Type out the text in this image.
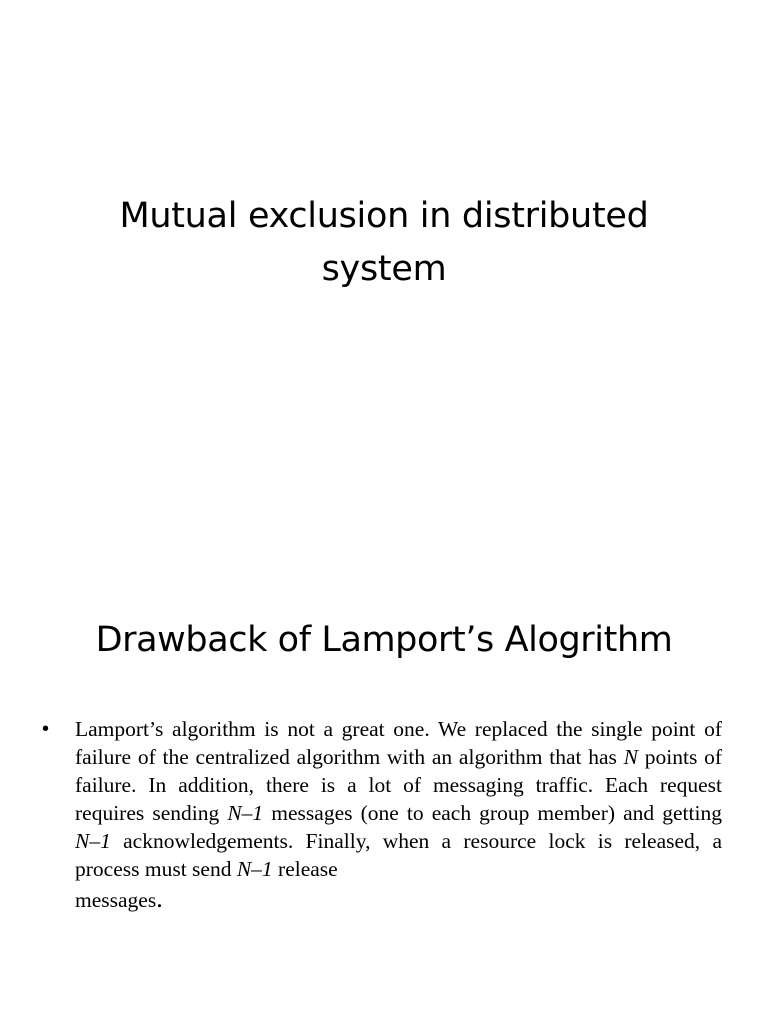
Mutual exclusion in distributed
system
Drawback of Lamport’s Alogrithm
• Lamport’s algorithm is not a great one. We replaced the single point of failure of the centralized algorithm with an algorithm that has N points of failure. In addition, there is a lot of messaging traffic. Each request requires sending N–1 messages (one to each group member) and getting N–1 acknowledgements. Finally, when a resource lock is released, a process must send N–1 release
messages.
